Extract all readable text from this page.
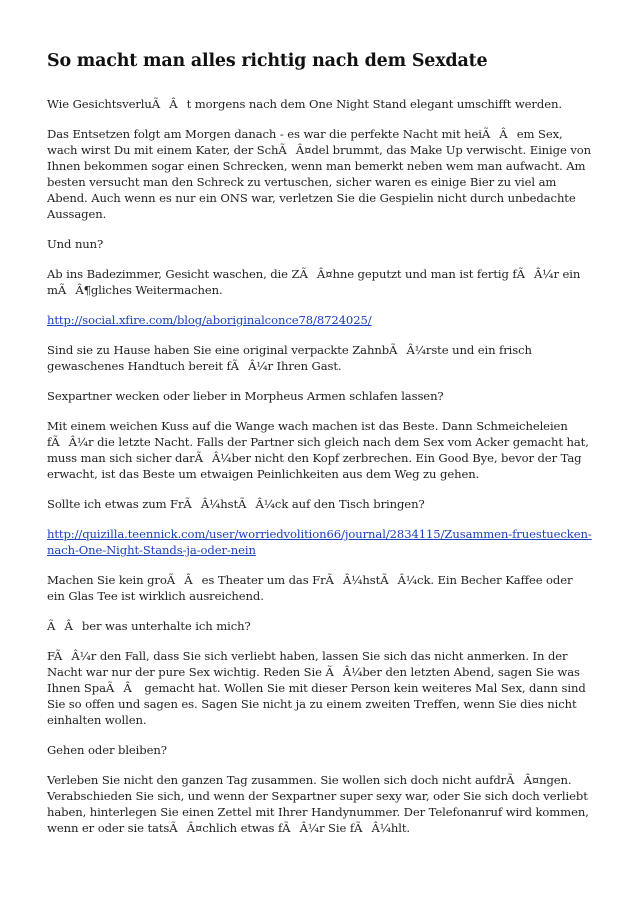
So macht man alles richtig nach dem Sexdate

Wie GesichtsverluÃÂt morgens nach dem One Night Stand elegant umschifft werden.

Das Entsetzen folgt am Morgen danach - es war die perfekte Nacht mit heiÃÂem Sex, wach wirst Du mit einem Kater, der SchÃÂ¤del brummt, das Make Up verwischt. Einige von Ihnen bekommen sogar einen Schrecken, wenn man bemerkt neben wem man aufwacht. Am besten versucht man den Schreck zu vertuschen, sicher waren es einige Bier zu viel am Abend. Auch wenn es nur ein ONS war, verletzen Sie die Gespielin nicht durch unbedachte Aussagen.

Und nun?

Ab ins Badezimmer, Gesicht waschen, die ZÃÂ¤hne geputzt und man ist fertig fÃÂ¼r ein mÃÂ¶gliches Weitermachen.

http://social.xfire.com/blog/aboriginalconce78/8724025/

Sind sie zu Hause haben Sie eine original verpackte ZahnbÃÂ¼rste und ein frisch gewaschenes Handtuch bereit fÃÂ¼r Ihren Gast.

Sexpartner wecken oder lieber in Morpheus Armen schlafen lassen?

Mit einem weichen Kuss auf die Wange wach machen ist das Beste. Dann Schmeicheleien fÃÂ¼r die letzte Nacht. Falls der Partner sich gleich nach dem Sex vom Acker gemacht hat, muss man sich sicher darÃÂ¼ber nicht den Kopf zerbrechen. Ein Good Bye, bevor der Tag erwacht, ist das Beste um etwaigen Peinlichkeiten aus dem Weg zu gehen.

Sollte ich etwas zum FrÃÂ¼hstÃÂ¼ck auf den Tisch bringen?

http://quizilla.teennick.com/user/worriedvolition66/journal/2834115/Zusammen-fruestuecken-nach-One-Night-Stands-ja-oder-nein

Machen Sie kein groÃÂes Theater um das FrÃÂ¼hstÃÂ¼ck. Ein Becher Kaffee oder ein Glas Tee ist wirklich ausreichend.

ÃÂber was unterhalte ich mich?

FÃÂ¼r den Fall, dass Sie sich verliebt haben, lassen Sie sich das nicht anmerken. In der Nacht war nur der pure Sex wichtig. Reden Sie ÃÂ¼ber den letzten Abend, sagen Sie was Ihnen SpaÃÂ gemacht hat. Wollen Sie mit dieser Person kein weiteres Mal Sex, dann sind Sie so offen und sagen es. Sagen Sie nicht ja zu einem zweiten Treffen, wenn Sie dies nicht einhalten wollen.

Gehen oder bleiben?

Verleben Sie nicht den ganzen Tag zusammen. Sie wollen sich doch nicht aufdrÃÂ¤ngen. Verabschieden Sie sich, und wenn der Sexpartner super sexy war, oder Sie sich doch verliebt haben, hinterlegen Sie einen Zettel mit Ihrer Handynummer. Der Telefonanruf wird kommen, wenn er oder sie tatsÃÂ¤chlich etwas fÃÂ¼r Sie fÃÂ¼hlt.
